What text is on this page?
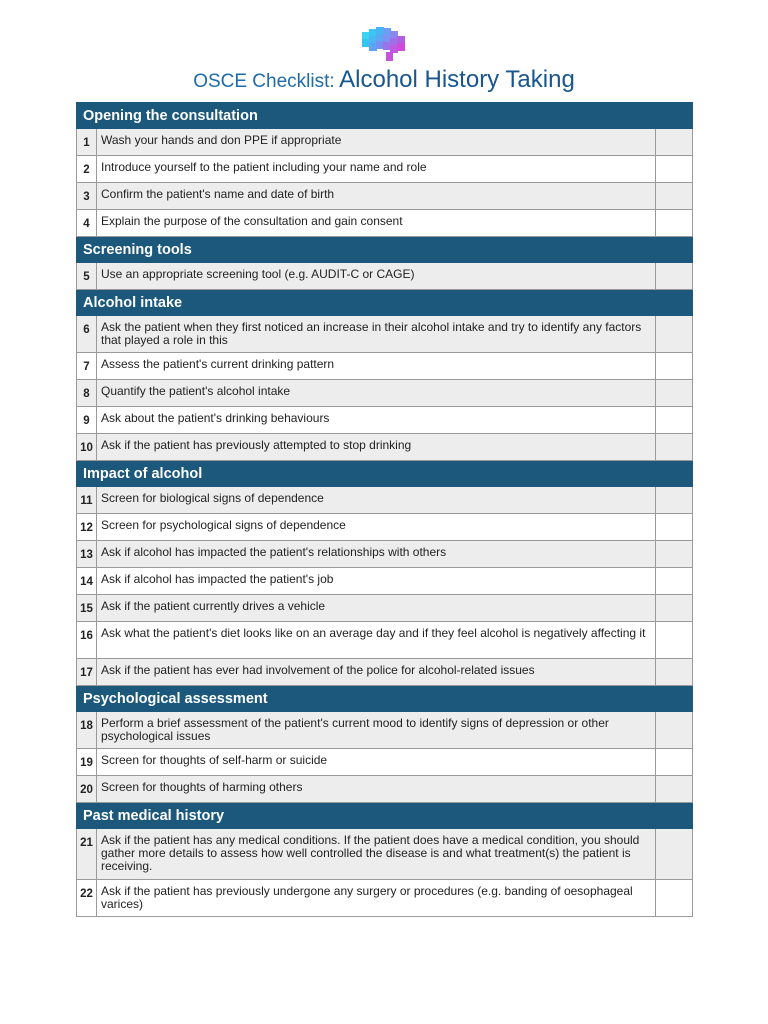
OSCE Checklist: Alcohol History Taking
Opening the consultation		
1	Wash your hands and don PPE if appropriate	
2	Introduce yourself to the patient including your name and role	
3	Confirm the patient's name and date of birth	
4	Explain the purpose of the consultation and gain consent	
Screening tools		
5	Use an appropriate screening tool (e.g. AUDIT-C or CAGE)	
Alcohol intake		
6	Ask the patient when they first noticed an increase in their alcohol intake and try to identify any factors that played a role in this	
7	Assess the patient's current drinking pattern	
8	Quantify the patient's alcohol intake	
9	Ask about the patient's drinking behaviours	
10	Ask if the patient has previously attempted to stop drinking	
Impact of alcohol		
11	Screen for biological signs of dependence	
12	Screen for psychological signs of dependence	
13	Ask if alcohol has impacted the patient's relationships with others	
14	Ask if alcohol has impacted the patient's job	
15	Ask if the patient currently drives a vehicle	
16	Ask what the patient's diet looks like on an average day and if they feel alcohol is negatively affecting it	
17	Ask if the patient has ever had involvement of the police for alcohol-related issues	
Psychological assessment		
18	Perform a brief assessment of the patient's current mood to identify signs of depression or other psychological issues	
19	Screen for thoughts of self-harm or suicide	
20	Screen for thoughts of harming others	
Past medical history		
21	Ask if the patient has any medical conditions. If the patient does have a medical condition, you should gather more details to assess how well controlled the disease is and what treatment(s) the patient is receiving.	
22	Ask if the patient has previously undergone any surgery or procedures (e.g. banding of oesophageal varices)	
